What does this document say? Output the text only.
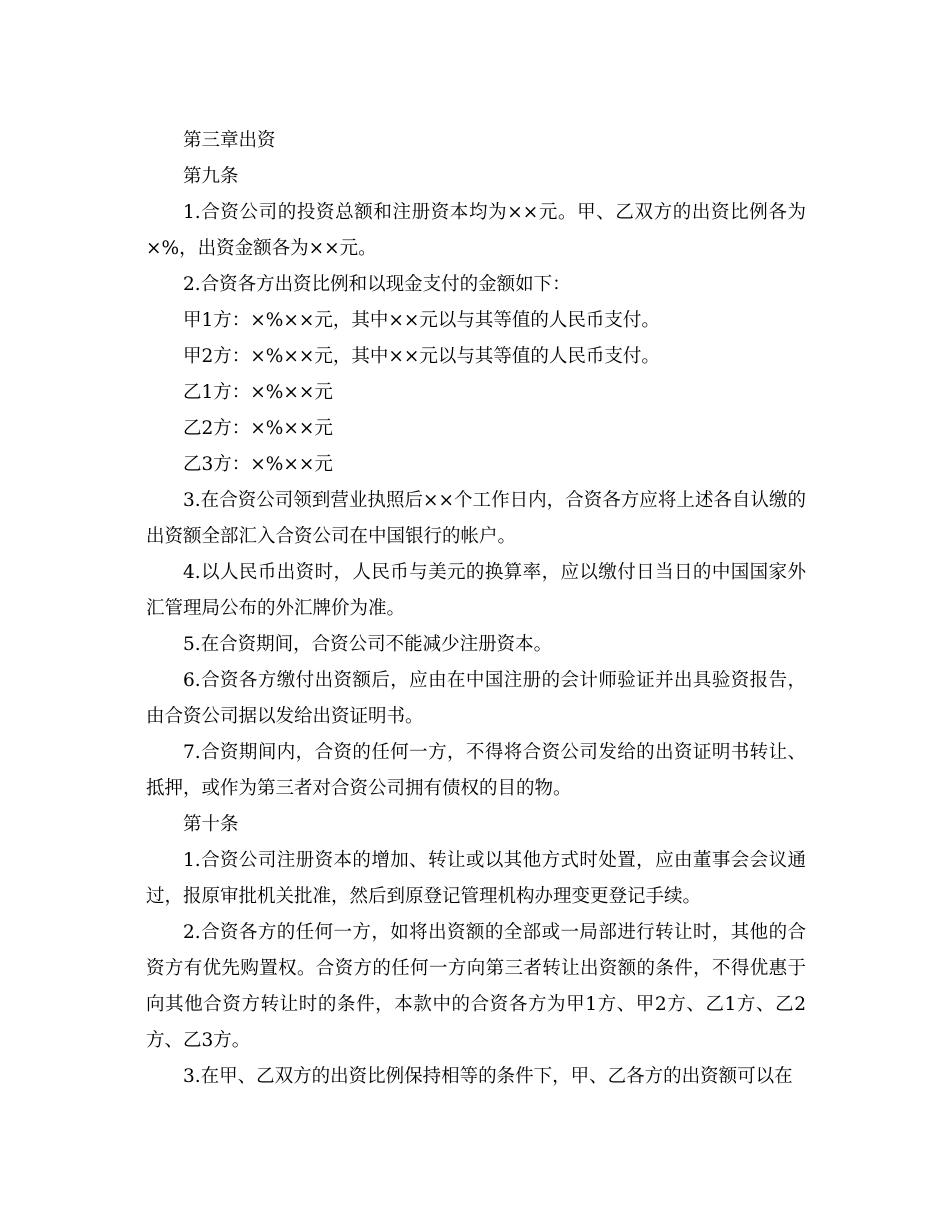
第三章出资

第九条

1.合资公司的投资总额和注册资本均为××元。甲、乙双方的出资比例各为×%，出资金额各为××元。

2.合资各方出资比例和以现金支付的金额如下：

甲1方：×%××元，其中××元以与其等值的人民币支付。

甲2方：×%××元，其中××元以与其等值的人民币支付。

乙1方：×%××元

乙2方：×%××元

乙3方：×%××元

3.在合资公司领到营业执照后××个工作日内，合资各方应将上述各自认缴的出资额全部汇入合资公司在中国银行的帐户。

4.以人民币出资时，人民币与美元的换算率，应以缴付日当日的中国国家外汇管理局公布的外汇牌价为准。

5.在合资期间，合资公司不能减少注册资本。

6.合资各方缴付出资额后，应由在中国注册的会计师验证并出具验资报告，由合资公司据以发给出资证明书。

7.合资期间内，合资的任何一方，不得将合资公司发给的出资证明书转让、抵押，或作为第三者对合资公司拥有债权的目的物。

第十条

1.合资公司注册资本的增加、转让或以其他方式时处置，应由董事会会议通过，报原审批机关批准，然后到原登记管理机构办理变更登记手续。

2.合资各方的任何一方，如将出资额的全部或一局部进行转让时，其他的合资方有优先购置权。合资方的任何一方向第三者转让出资额的条件，不得优惠于向其他合资方转让时的条件，本款中的合资各方为甲1方、甲2方、乙1方、乙2方、乙3方。

3.在甲、乙双方的出资比例保持相等的条件下，甲、乙各方的出资额可以在
